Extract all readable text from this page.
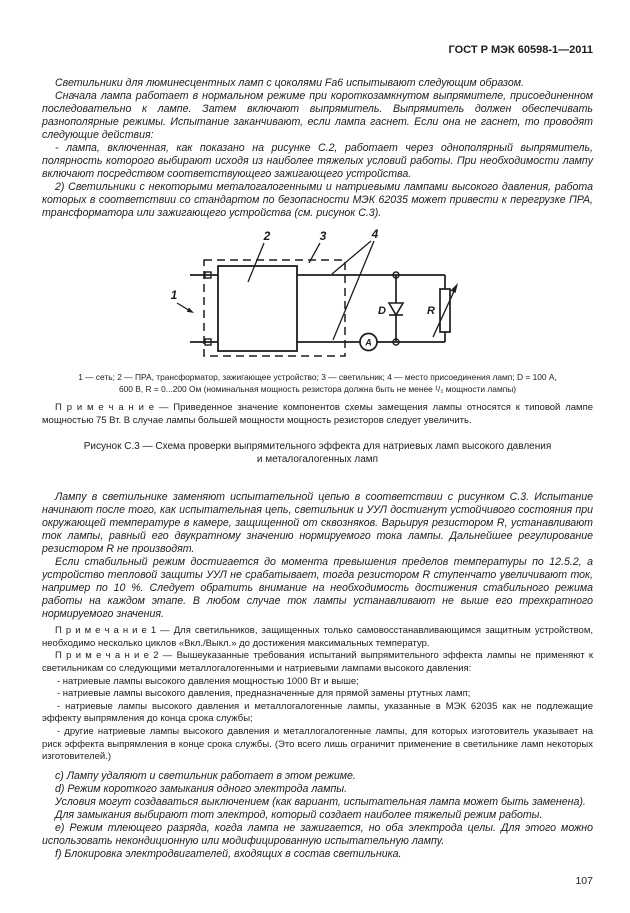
ГОСТ Р МЭК 60598-1—2011

Светильники для люминесцентных ламп с цоколями Fa6 испытывают следующим образом.

Сначала лампа работает в нормальном режиме при короткозамкнутом выпрямителе, присоединенном последовательно к лампе. Затем включают выпрямитель. Выпрямитель должен обеспечивать разнополярные режимы. Испытание заканчивают, если лампа гаснет. Если она не гаснет, то проводят следующие действия:

- лампа, включенная, как показано на рисунке С.2, работает через однополярный выпрямитель, полярность которого выбирают исходя из наиболее тяжелых условий работы. При необходимости лампу включают посредством соответствующего зажигающего устройства.

2) Светильники с некоторыми металогалогенными и натриевыми лампами высокого давления, работа которых в соответствии со стандартом по безопасности МЭК 62035 может привести к перегрузке ПРА, трансформатора или зажигающего устройства (см. рисунок С.3).

D
A
R
1
2	3	4

1 — сеть; 2 — ПРА, трансформатор, зажигающее устройство; 3 — светильник; 4 — место присоединения ламп; D = 100 А,
600 В, R = 0...200 Ом (номинальная мощность резистора должна быть не менее ¹/₂ мощности лампы)

П р и м е ч а н и е — Приведенное значение компонентов схемы замещения лампы относятся к типовой лампе мощностью 75 Вт. В случае лампы большей мощности мощность резисторов следует увеличить.

Рисунок С.3 — Схема проверки выпрямительного эффекта для натриевых ламп высокого давления
и металогалогенных ламп

Лампу в светильнике заменяют испытательной цепью в соответствии с рисунком С.3. Испытание начинают после того, как испытательная цепь, светильник и УУЛ достигнут устойчивого состояния при окружающей температуре в камере, защищенной от сквозняков. Варьируя резистором R, устанавливают ток лампы, равный его двукратному значению нормируемого тока лампы. Дальнейшее регулирование резистором R не производят.

Если стабильный режим достигается до момента превышения пределов температуры по 12.5.2, а устройство тепловой защиты УУЛ не срабатывает, тогда резистором R ступенчато увеличивают ток, например по 10 %. Следует обратить внимание на необходимость достижения стабильного режима работы на каждом этапе. В любом случае ток лампы устанавливают не выше его трехкратного нормируемого значения.

П р и м е ч а н и е 1 — Для светильников, защищенных только самовосстанавливающимся защитным устройством, необходимо несколько циклов «Вкл./Выкл.» до достижения максимальных температур.

П р и м е ч а н и е 2 — Вышеуказанные требования испытаний выпрямительного эффекта лампы не применяют к светильникам со следующими металлогалогенными и натриевыми лампами высокого давления:

- натриевые лампы высокого давления мощностью 1000 Вт и выше;

- натриевые лампы высокого давления, предназначенные для прямой замены ртутных ламп;

- натриевые лампы высокого давления и металлогалогенные лампы, указанные в МЭК 62035 как не подлежащие эффекту выпрямления до конца срока службы;

- другие натриевые лампы высокого давления и металлогалогенные лампы, для которых изготовитель указывает на риск эффекта выпрямления в конце срока службы. (Это всего лишь ограничит применение в светильнике ламп некоторых изготовителей.)

c) Лампу удаляют и светильник работает в этом режиме.

d) Режим короткого замыкания одного электрода лампы.

Условия могут создаваться выключением (как вариант, испытательная лампа может быть заменена).

Для замыкания выбирают тот электрод, который создает наиболее тяжелый режим работы.

e) Режим тлеющего разряда, когда лампа не зажигается, но оба электрода целы. Для этого можно использовать некондиционную или модифицированную испытательную лампу.

f) Блокировка электродвигателей, входящих в состав светильника.

107
